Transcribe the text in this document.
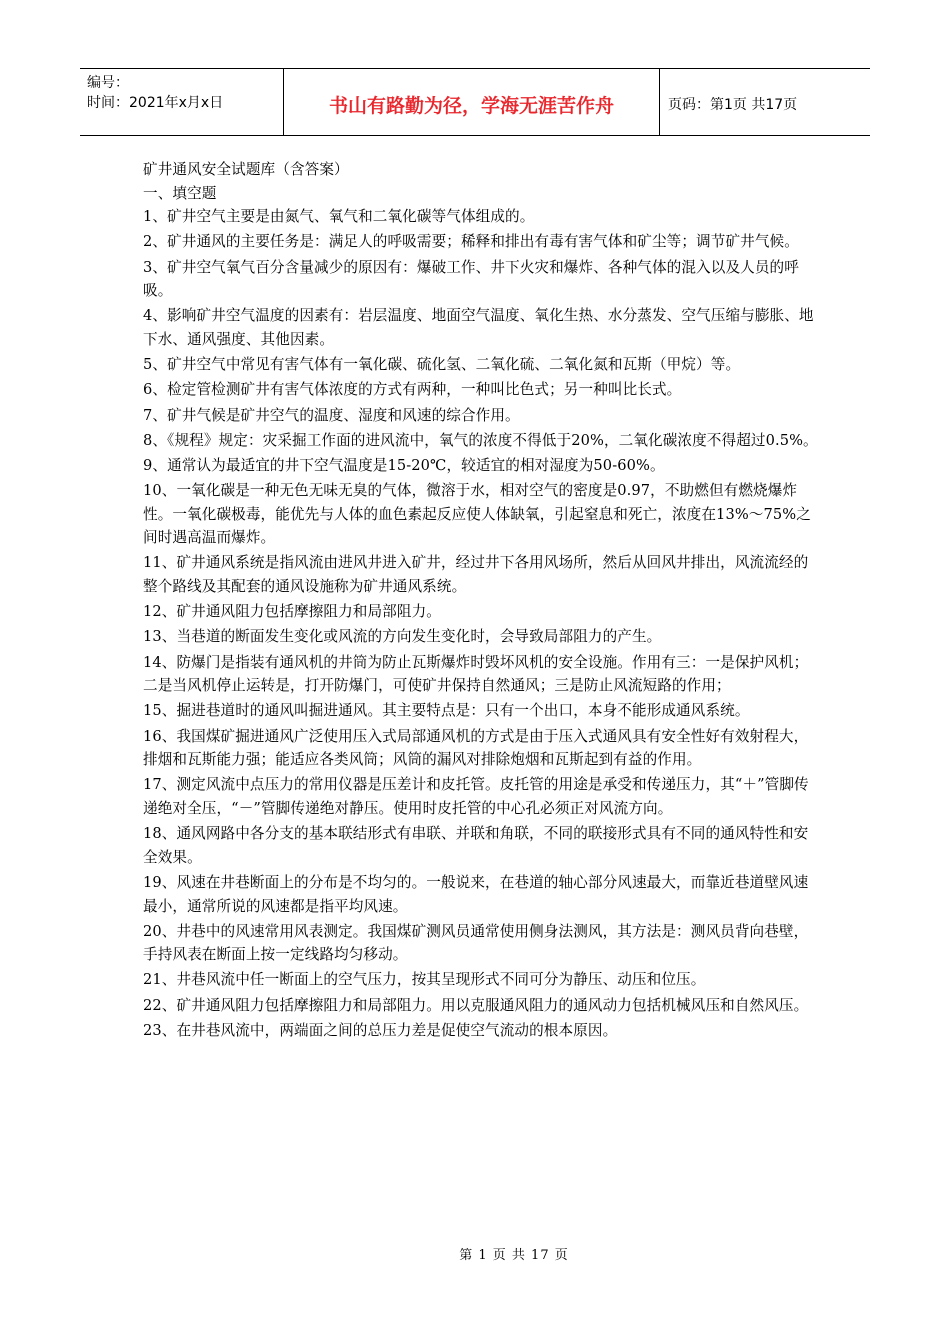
编号：
时间：2021年x月x日	书山有路勤为径，学海无涯苦作舟	页码：第1页 共17页

矿井通风安全试题库（含答案）

一、填空题

1、矿井空气主要是由氮气、氧气和二氧化碳等气体组成的。

2、矿井通风的主要任务是：满足人的呼吸需要；稀释和排出有毒有害气体和矿尘等；调节矿井气候。

3、矿井空气氧气百分含量减少的原因有：爆破工作、井下火灾和爆炸、各种气体的混入以及人员的呼吸。

4、影响矿井空气温度的因素有：岩层温度、地面空气温度、氧化生热、水分蒸发、空气压缩与膨胀、地下水、通风强度、其他因素。

5、矿井空气中常见有害气体有一氧化碳、硫化氢、二氧化硫、二氧化氮和瓦斯（甲烷）等。

6、检定管检测矿井有害气体浓度的方式有两种，一种叫比色式；另一种叫比长式。

7、矿井气候是矿井空气的温度、湿度和风速的综合作用。

8、《规程》规定：灾采掘工作面的进风流中，氧气的浓度不得低于20%，二氧化碳浓度不得超过0.5%。

9、通常认为最适宜的井下空气温度是15-20℃，较适宜的相对湿度为50-60%。

10、一氧化碳是一种无色无味无臭的气体，微溶于水，相对空气的密度是0.97，不助燃但有燃烧爆炸性。一氧化碳极毒，能优先与人体的血色素起反应使人体缺氧，引起窒息和死亡，浓度在13%～75%之间时遇高温而爆炸。

11、矿井通风系统是指风流由进风井进入矿井，经过井下各用风场所，然后从回风井排出，风流流经的整个路线及其配套的通风设施称为矿井通风系统。

12、矿井通风阻力包括摩擦阻力和局部阻力。

13、当巷道的断面发生变化或风流的方向发生变化时，会导致局部阻力的产生。

14、防爆门是指装有通风机的井筒为防止瓦斯爆炸时毁坏风机的安全设施。作用有三：一是保护风机；二是当风机停止运转是，打开防爆门，可使矿井保持自然通风；三是防止风流短路的作用；

15、掘进巷道时的通风叫掘进通风。其主要特点是：只有一个出口，本身不能形成通风系统。

16、我国煤矿掘进通风广泛使用压入式局部通风机的方式是由于压入式通风具有安全性好有效射程大，排烟和瓦斯能力强；能适应各类风筒；风筒的漏风对排除炮烟和瓦斯起到有益的作用。

17、测定风流中点压力的常用仪器是压差计和皮托管。皮托管的用途是承受和传递压力，其“＋”管脚传递绝对全压，“－”管脚传递绝对静压。使用时皮托管的中心孔必须正对风流方向。

18、通风网路中各分支的基本联结形式有串联、并联和角联，不同的联接形式具有不同的通风特性和安全效果。

19、风速在井巷断面上的分布是不均匀的。一般说来，在巷道的轴心部分风速最大，而靠近巷道壁风速最小，通常所说的风速都是指平均风速。

20、井巷中的风速常用风表测定。我国煤矿测风员通常使用侧身法测风，其方法是：测风员背向巷壁，手持风表在断面上按一定线路均匀移动。

21、井巷风流中任一断面上的空气压力，按其呈现形式不同可分为静压、动压和位压。

22、矿井通风阻力包括摩擦阻力和局部阻力。用以克服通风阻力的通风动力包括机械风压和自然风压。

23、在井巷风流中，两端面之间的总压力差是促使空气流动的根本原因。

第 1 页 共 17 页
